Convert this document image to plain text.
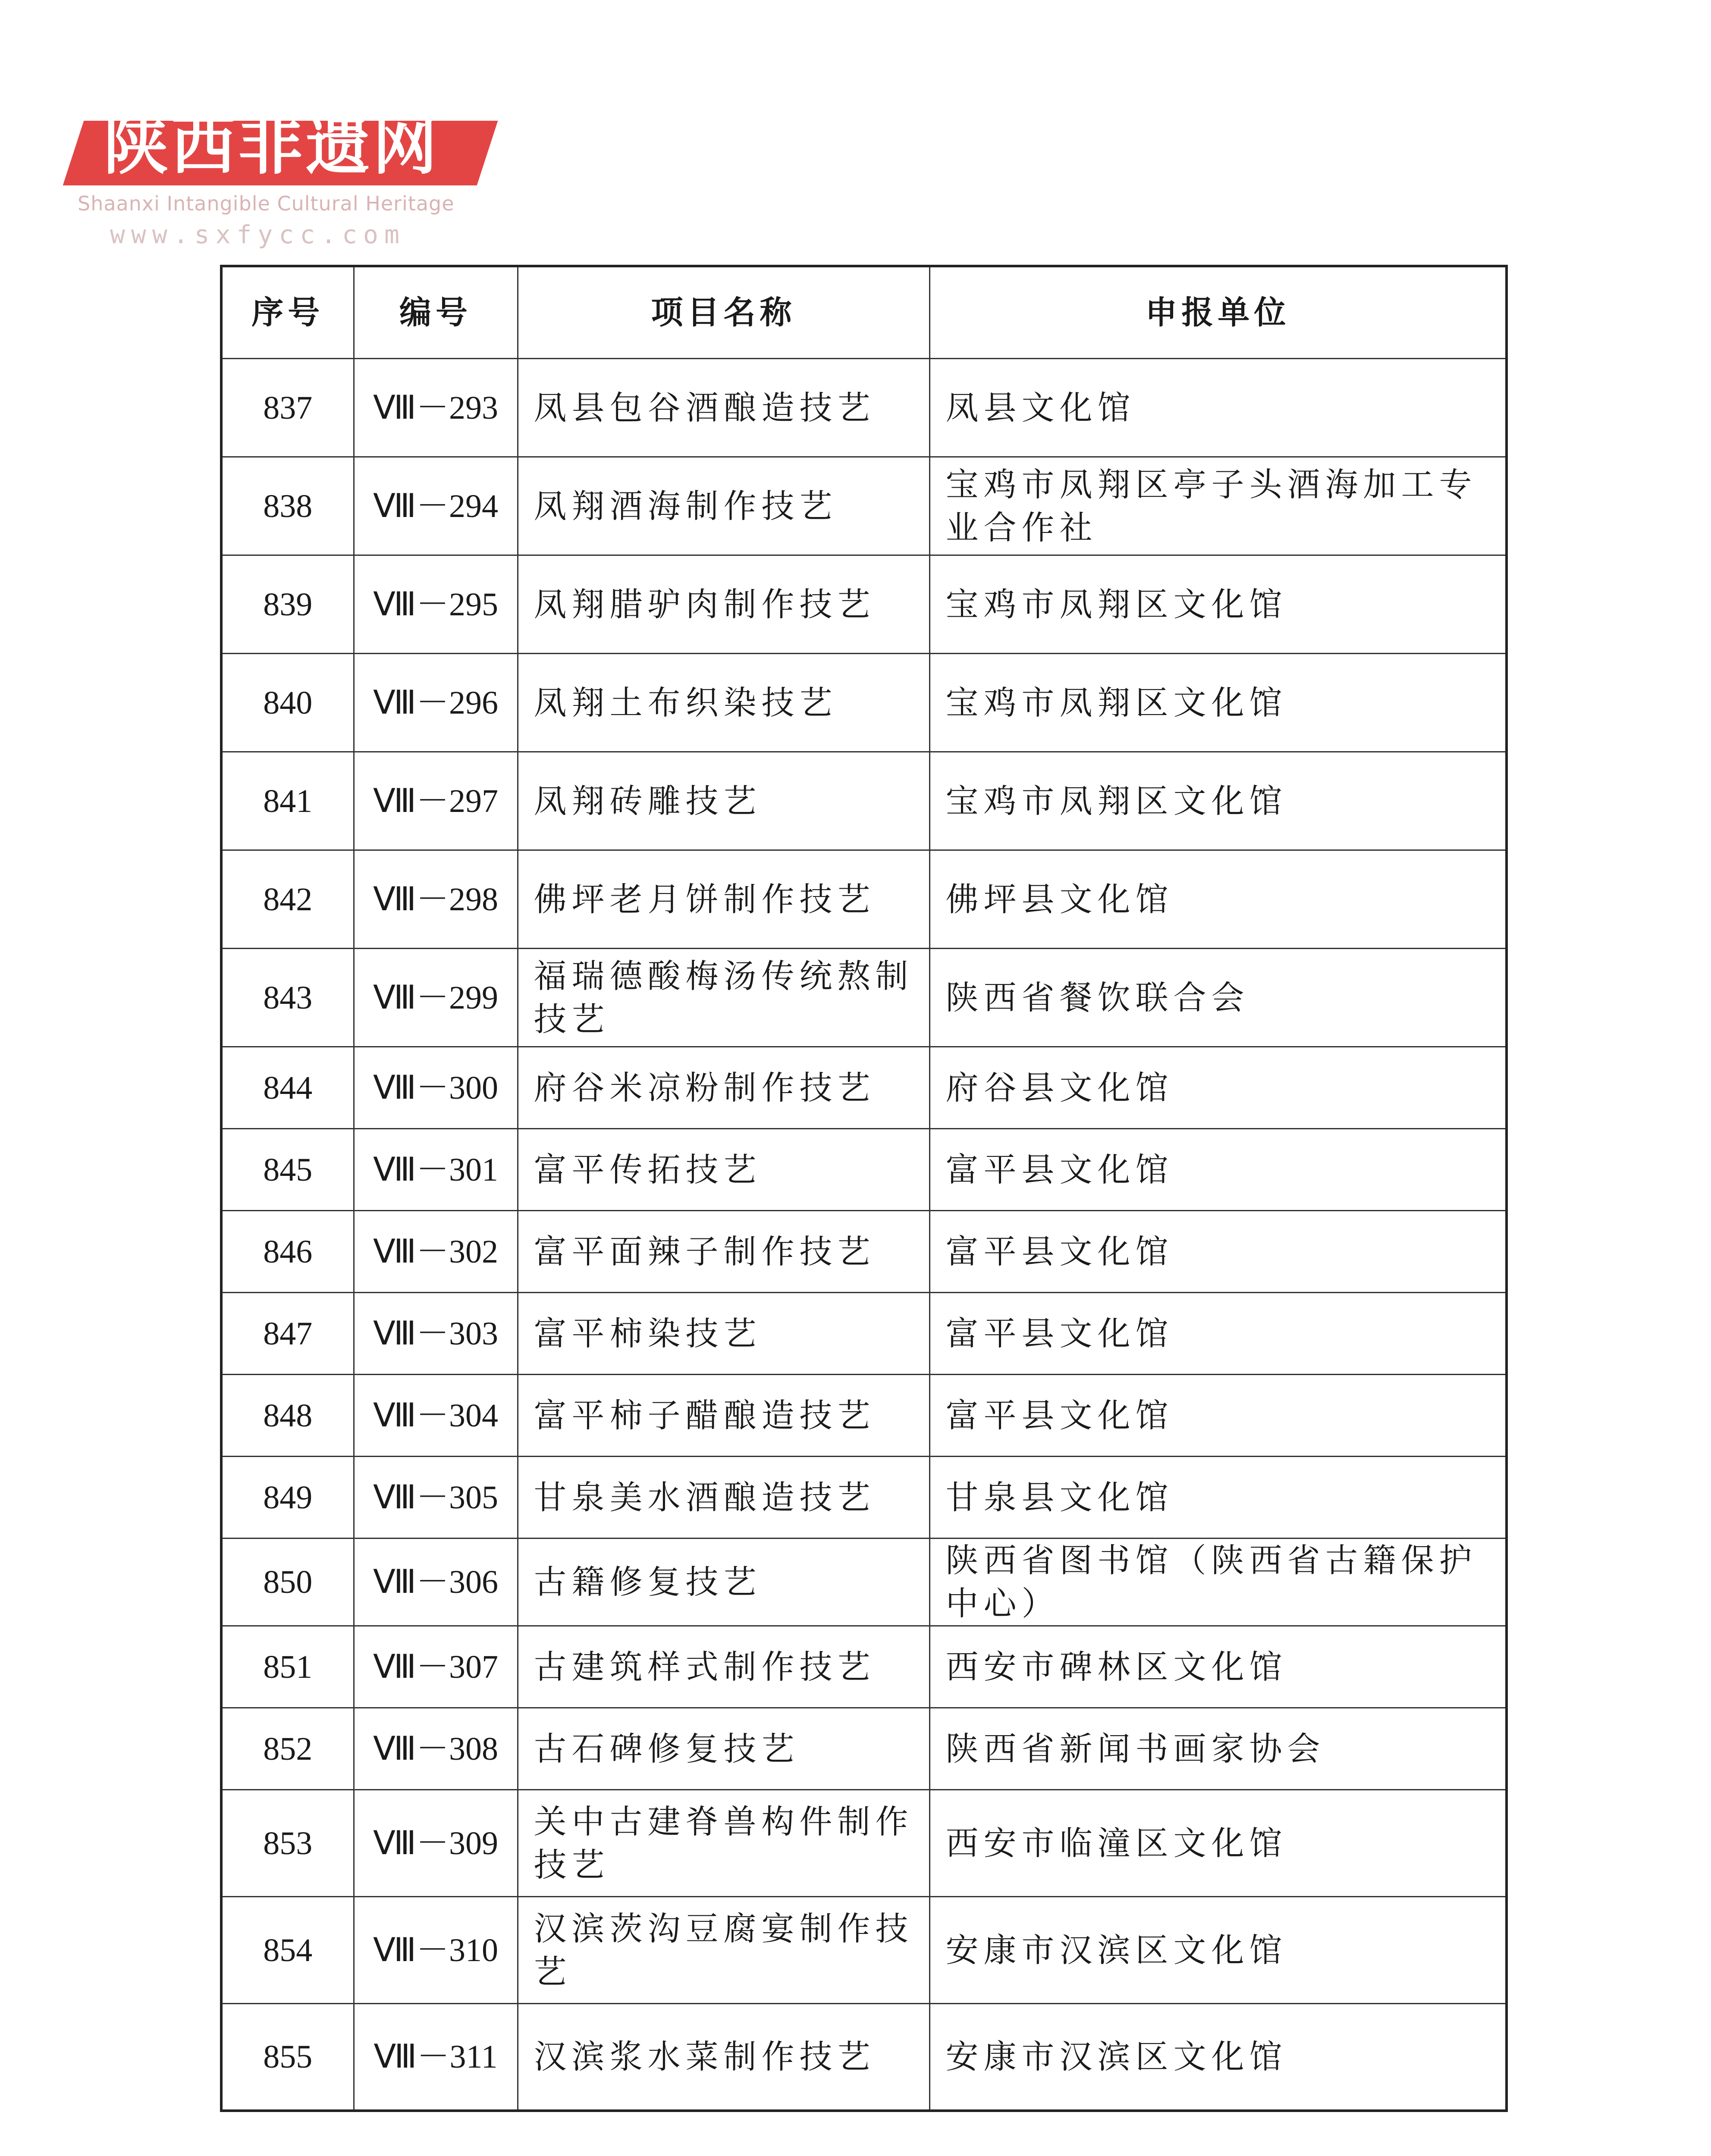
陕西非遗网
Shaanxi Intangible Cultural Heritage
www.sxfycc.com
序号	编号	项目名称	申报单位
837	Ⅷ－293	凤县包谷酒酿造技艺	凤县文化馆
838	Ⅷ－294	凤翔酒海制作技艺	宝鸡市凤翔区亭子头酒海加工专业合作社
839	Ⅷ－295	凤翔腊驴肉制作技艺	宝鸡市凤翔区文化馆
840	Ⅷ－296	凤翔土布织染技艺	宝鸡市凤翔区文化馆
841	Ⅷ－297	凤翔砖雕技艺	宝鸡市凤翔区文化馆
842	Ⅷ－298	佛坪老月饼制作技艺	佛坪县文化馆
843	Ⅷ－299	福瑞德酸梅汤传统熬制技艺	陕西省餐饮联合会
844	Ⅷ－300	府谷米凉粉制作技艺	府谷县文化馆
845	Ⅷ－301	富平传拓技艺	富平县文化馆
846	Ⅷ－302	富平面辣子制作技艺	富平县文化馆
847	Ⅷ－303	富平柿染技艺	富平县文化馆
848	Ⅷ－304	富平柿子醋酿造技艺	富平县文化馆
849	Ⅷ－305	甘泉美水酒酿造技艺	甘泉县文化馆
850	Ⅷ－306	古籍修复技艺	陕西省图书馆（陕西省古籍保护中心）
851	Ⅷ－307	古建筑样式制作技艺	西安市碑林区文化馆
852	Ⅷ－308	古石碑修复技艺	陕西省新闻书画家协会
853	Ⅷ－309	关中古建脊兽构件制作技艺	西安市临潼区文化馆
854	Ⅷ－310	汉滨茨沟豆腐宴制作技艺	安康市汉滨区文化馆
855	Ⅷ－311	汉滨浆水菜制作技艺	安康市汉滨区文化馆
